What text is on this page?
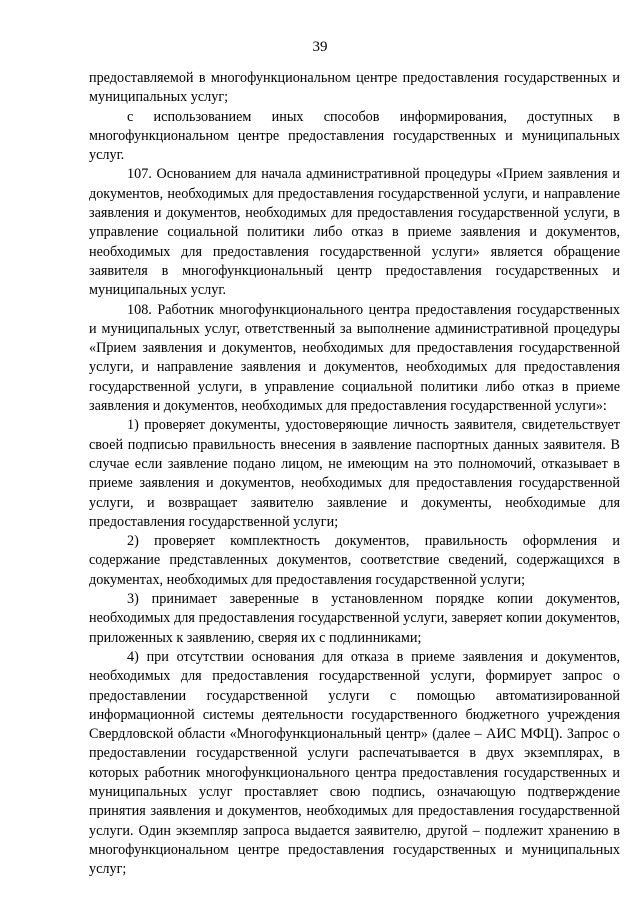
39

предоставляемой в многофункциональном центре предоставления государственных и муниципальных услуг;

с использованием иных способов информирования, доступных в многофункциональном центре предоставления государственных и муниципальных услуг.

107. Основанием для начала административной процедуры «Прием заявления и документов, необходимых для предоставления государственной услуги, и направление заявления и документов, необходимых для предоставления государственной услуги, в управление социальной политики либо отказ в приеме заявления и документов, необходимых для предоставления государственной услуги» является обращение заявителя в многофункциональный центр предоставления государственных и муниципальных услуг.

108. Работник многофункционального центра предоставления государственных и муниципальных услуг, ответственный за выполнение административной процедуры «Прием заявления и документов, необходимых для предоставления государственной услуги, и направление заявления и документов, необходимых для предоставления государственной услуги, в управление социальной политики либо отказ в приеме заявления и документов, необходимых для предоставления государственной услуги»:

1) проверяет документы, удостоверяющие личность заявителя, свидетельствует своей подписью правильность внесения в заявление паспортных данных заявителя. В случае если заявление подано лицом, не имеющим на это полномочий, отказывает в приеме заявления и документов, необходимых для предоставления государственной услуги, и возвращает заявителю заявление и документы, необходимые для предоставления государственной услуги;

2) проверяет комплектность документов, правильность оформления и содержание представленных документов, соответствие сведений, содержащихся в документах, необходимых для предоставления государственной услуги;

3) принимает заверенные в установленном порядке копии документов, необходимых для предоставления государственной услуги, заверяет копии документов, приложенных к заявлению, сверяя их с подлинниками;

4) при отсутствии основания для отказа в приеме заявления и документов, необходимых для предоставления государственной услуги, формирует запрос о предоставлении государственной услуги с помощью автоматизированной информационной системы деятельности государственного бюджетного учреждения Свердловской области «Многофункциональный центр» (далее – АИС МФЦ). Запрос о предоставлении государственной услуги распечатывается в двух экземплярах, в которых работник многофункционального центра предоставления государственных и муниципальных услуг проставляет свою подпись, означающую подтверждение принятия заявления и документов, необходимых для предоставления государственной услуги. Один экземпляр запроса выдается заявителю, другой – подлежит хранению в многофункциональном центре предоставления государственных и муниципальных услуг;
